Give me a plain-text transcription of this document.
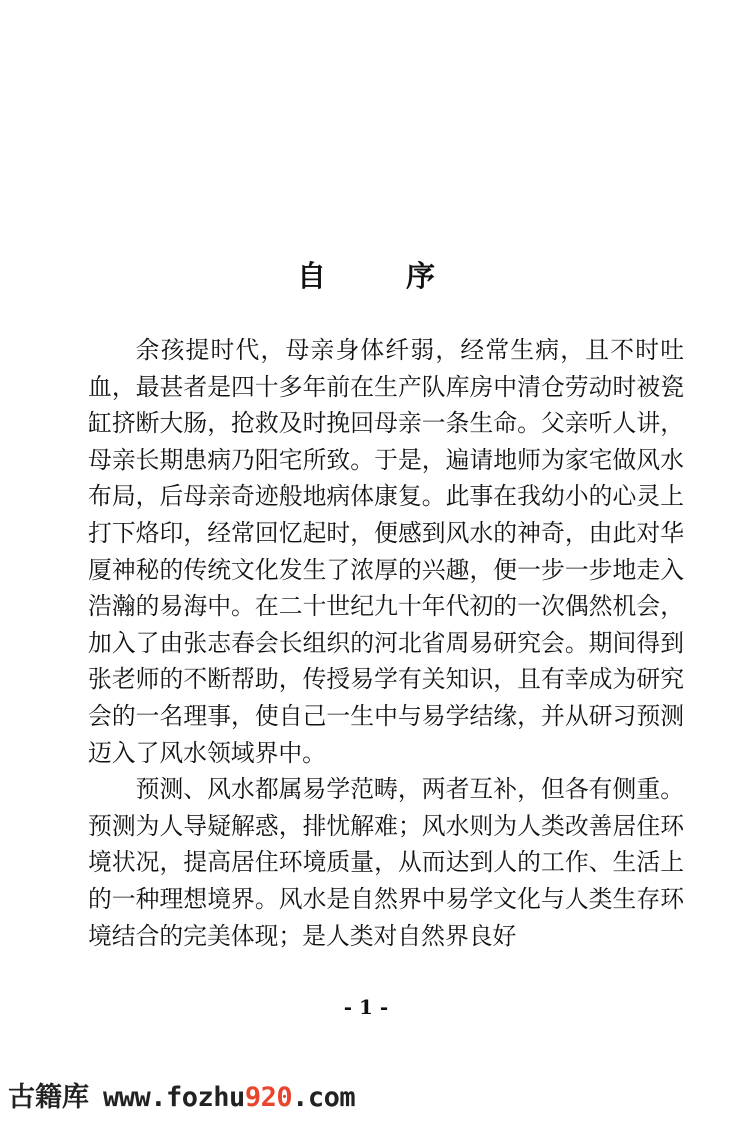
自	序

余孩提时代，母亲身体纤弱，经常生病，且不时吐血，最甚者是四十多年前在生产队库房中清仓劳动时被瓷缸挤断大肠，抢救及时挽回母亲一条生命。父亲听人讲，母亲长期患病乃阳宅所致。于是，遍请地师为家宅做风水布局，后母亲奇迹般地病体康复。此事在我幼小的心灵上打下烙印，经常回忆起时，便感到风水的神奇，由此对华厦神秘的传统文化发生了浓厚的兴趣，便一步一步地走入浩瀚的易海中。在二十世纪九十年代初的一次偶然机会，加入了由张志春会长组织的河北省周易研究会。期间得到张老师的不断帮助，传授易学有关知识，且有幸成为研究会的一名理事，使自己一生中与易学结缘，并从研习预测迈入了风水领域界中。

预测、风水都属易学范畴，两者互补，但各有侧重。预测为人导疑解惑，排忧解难；风水则为人类改善居住环境状况，提高居住环境质量，从而达到人的工作、生活上的一种理想境界。风水是自然界中易学文化与人类生存环境结合的完美体现；是人类对自然界良好

- 1 -
古籍库 www.fozhu920.com
